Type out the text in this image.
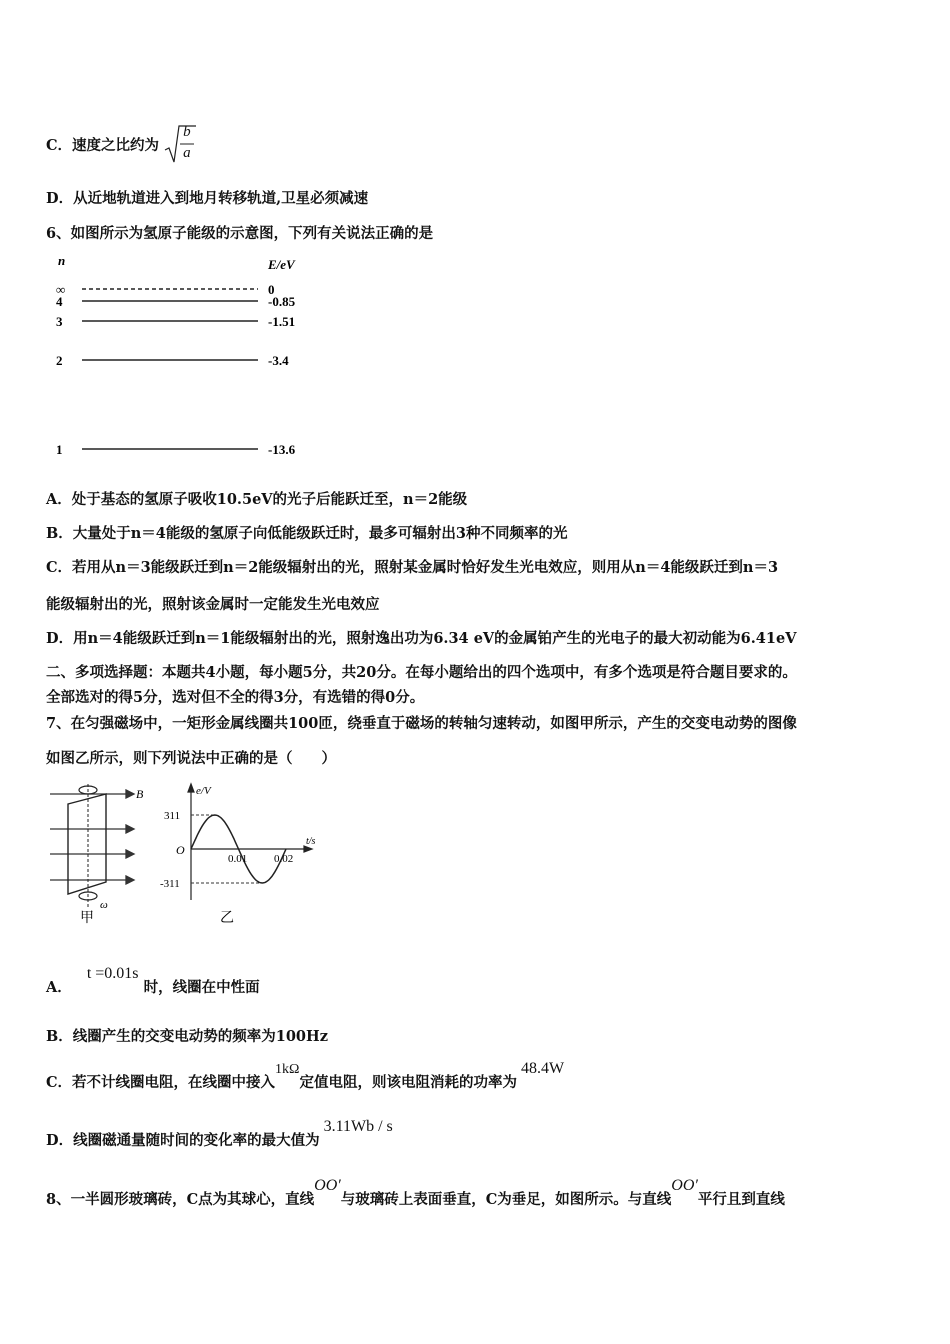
C．速度之比约为
b
a
D．从近地轨道进入到地月转移轨道,卫星必须减速
6、如图所示为氢原子能级的示意图，下列有关说法正确的是
n	E/eV
∞	0
4	-0.85
3	-1.51
2	-3.4
1	-13.6
A．处于基态的氢原子吸收10.5eV的光子后能跃迁至，n＝2能级
B．大量处于n＝4能级的氢原子向低能级跃迁时，最多可辐射出3种不同频率的光
C．若用从n＝3能级跃迁到n＝2能级辐射出的光，照射某金属时恰好发生光电效应，则用从n＝4能级跃迁到n＝3
能级辐射出的光，照射该金属时一定能发生光电效应
D．用n＝4能级跃迁到n＝1能级辐射出的光，照射逸出功为6.34 eV的金属铂产生的光电子的最大初动能为6.41eV
二、多项选择题：本题共4小题，每小题5分，共20分。在每小题给出的四个选项中，有多个选项是符合题目要求的。
全部选对的得5分，选对但不全的得3分，有选错的得0分。
7、在匀强磁场中，一矩形金属线圈共100匝，绕垂直于磁场的转轴匀速转动，如图甲所示，产生的交变电动势的图像
如图乙所示，则下列说法中正确的是（　　）
B
ω
甲
e/V
t/s
O
311
-311
0.01 0.02
乙
A． t =0.01s 时，线圈在中性面
B．线圈产生的交变电动势的频率为100Hz
C．若不计线圈电阻，在线圈中接入1kΩ定值电阻，则该电阻消耗的功率为48.4W
D．线圈磁通量随时间的变化率的最大值为3.11Wb / s
8、一半圆形玻璃砖，C点为其球心，直线OO′与玻璃砖上表面垂直，C为垂足，如图所示。与直线OO′平行且到直线
